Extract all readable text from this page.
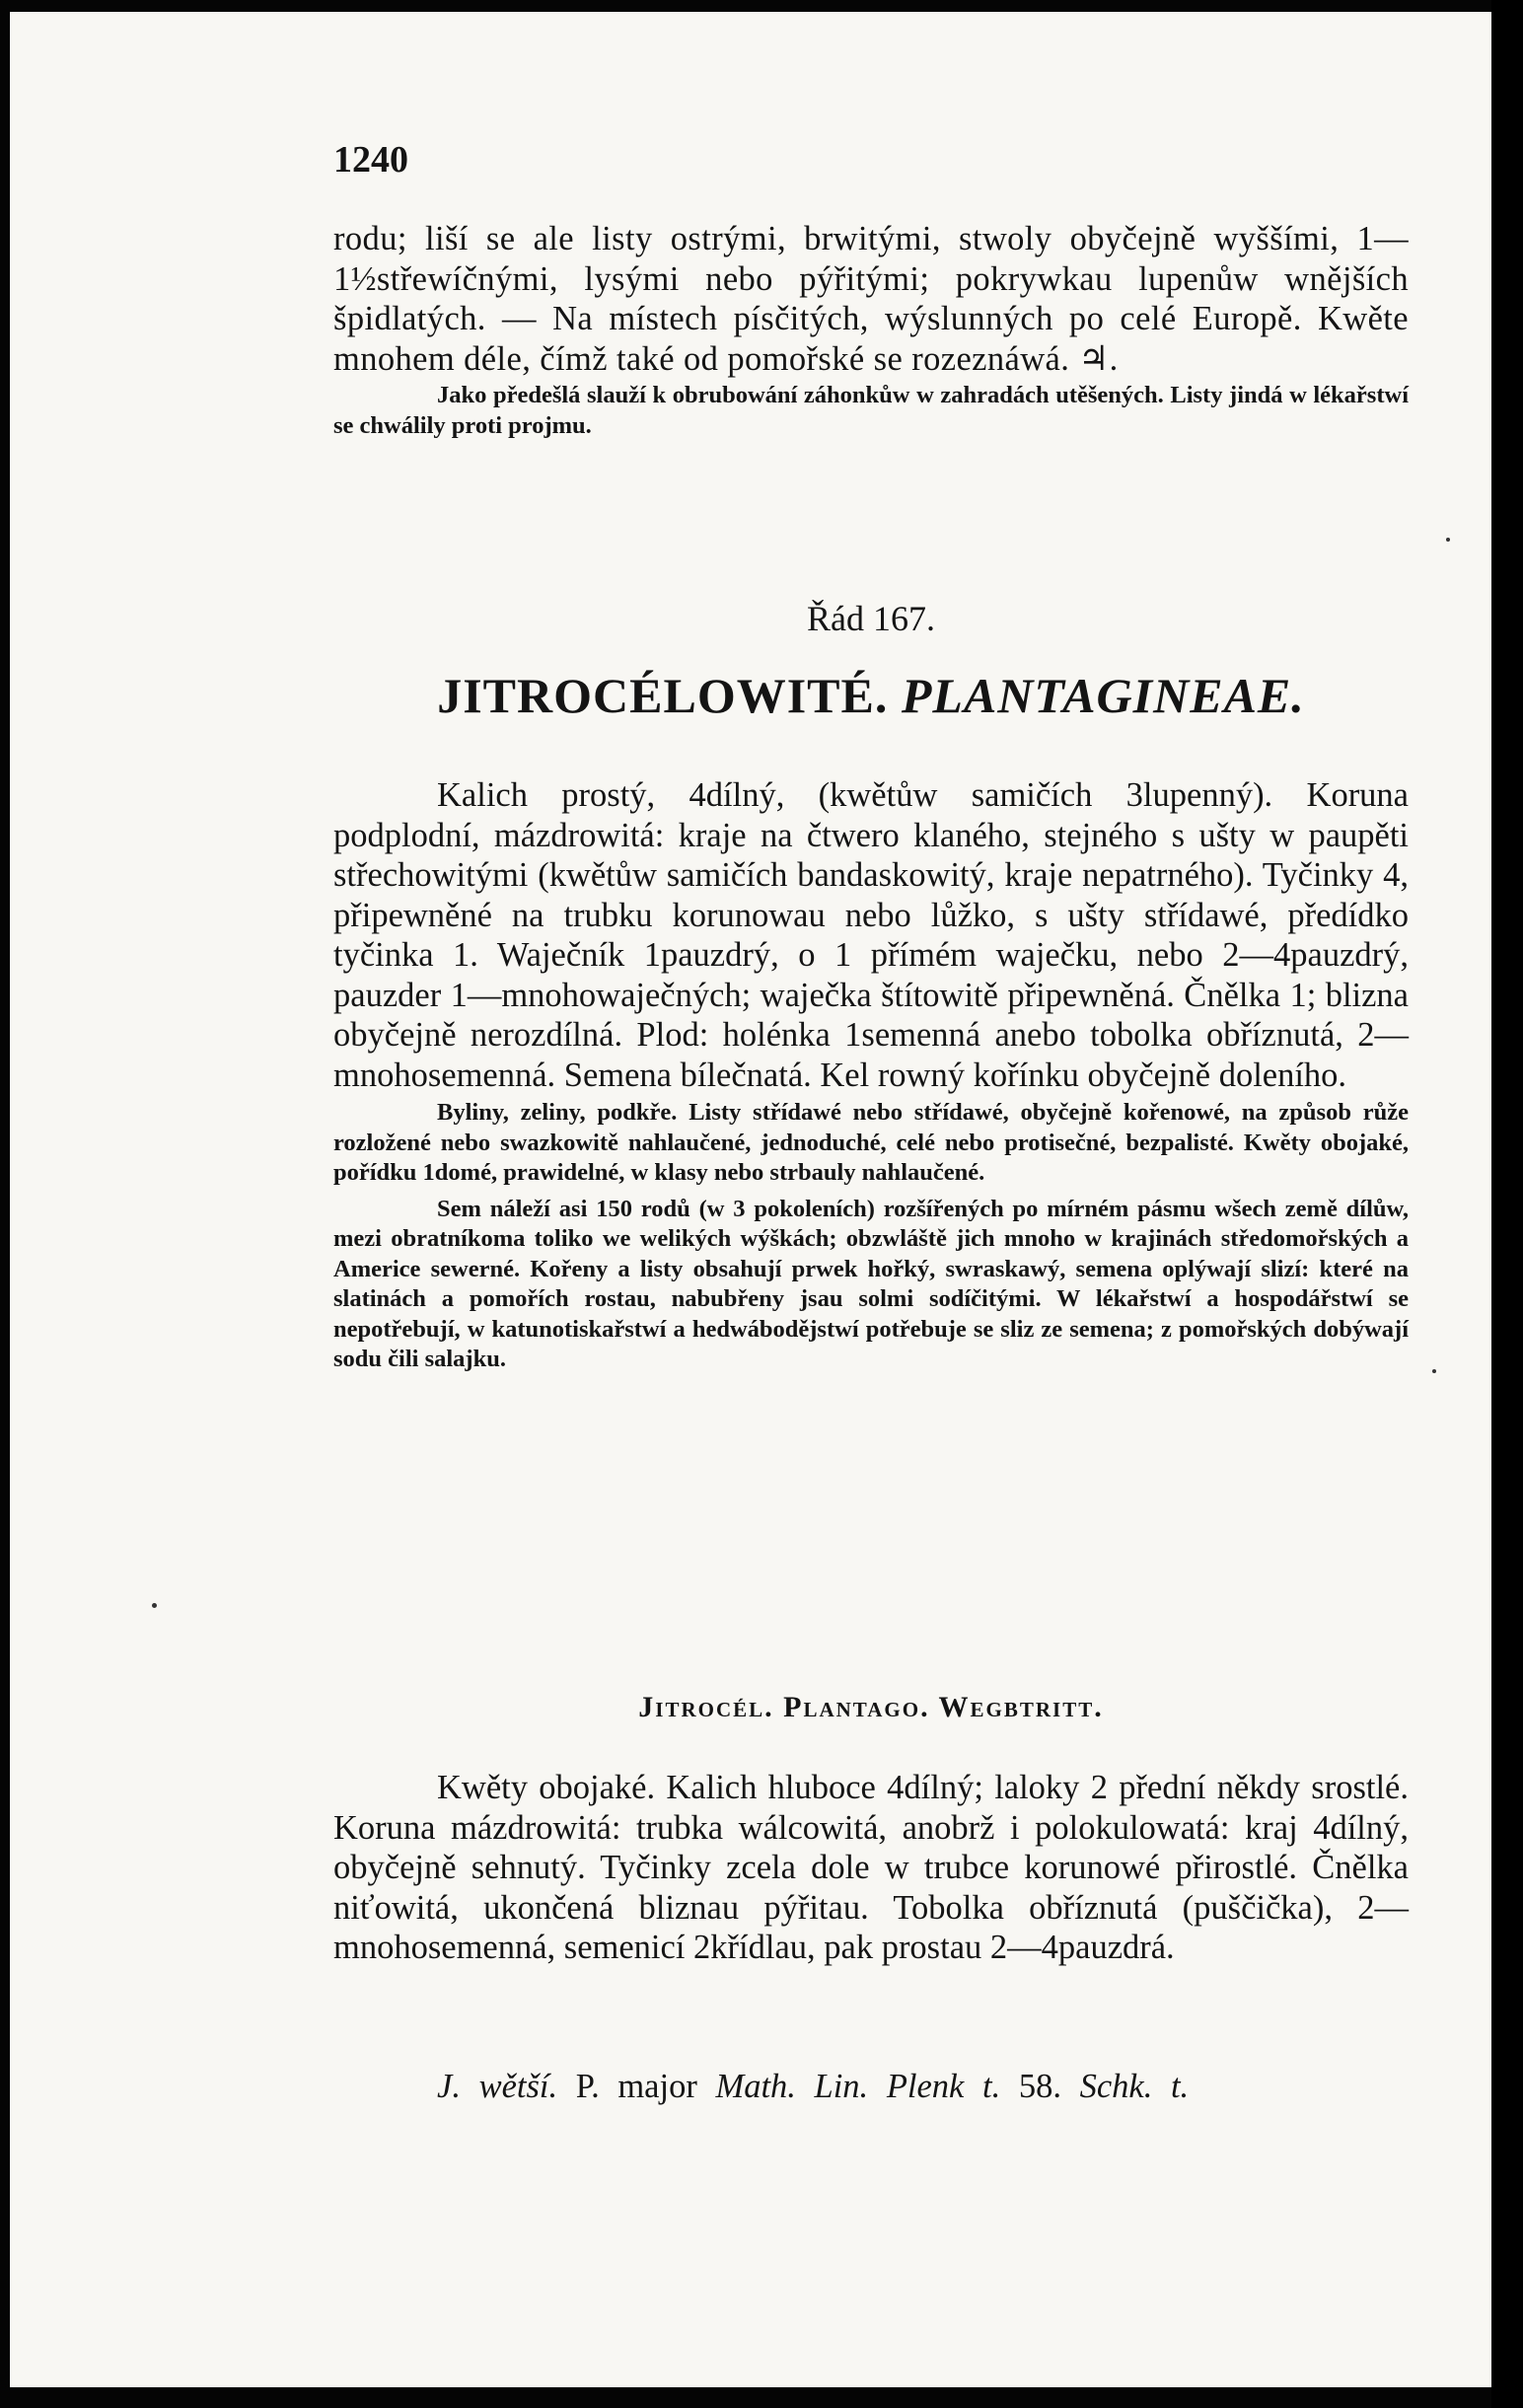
1240

rodu; liší se ale listy ostrými, brwitými, stwoly obyčejně wyššími, 1—1½střewíčnými, lysými nebo pýřitými; pokrywkau lupenůw wnějších špidlatých. — Na místech písčitých, wýslunných po celé Europě. Kwěte mnohem déle, čímž také od pomořské se rozeznáwá. ♃.

Jako předešlá slauží k obrubowání záhonkůw w zahradách utěšených. Listy jindá w lékařstwí se chwálily proti projmu.

Řád 167.

JITROCÉLOWITÉ. PLANTAGINEAE.

Kalich prostý, 4dílný, (kwětůw samičích 3lupenný). Koruna podplodní, mázdrowitá: kraje na čtwero klaného, stejného s ušty w paupěti střechowitými (kwětůw samičích bandaskowitý, kraje nepatrného). Tyčinky 4, připewněné na trubku korunowau nebo lůžko, s ušty střídawé, předídko tyčinka 1. Waječník 1pauzdrý, o 1 přímém waječku, nebo 2—4pauzdrý, pauzder 1—mnohowaječných; waječka štítowitě připewněná. Čnělka 1; blizna obyčejně nerozdílná. Plod: holénka 1semenná anebo tobolka obříznutá, 2—mnohosemenná. Semena bílečnatá. Kel rowný kořínku obyčejně doleního.

Byliny, zeliny, podkře. Listy střídawé nebo střídawé, obyčejně kořenowé, na způsob růže rozložené nebo swazkowitě nahlaučené, jednoduché, celé nebo protisečné, bezpalisté. Kwěty obojaké, pořídku 1domé, prawidelné, w klasy nebo strbauly nahlaučené.

Sem náleží asi 150 rodů (w 3 pokoleních) rozšířených po mírném pásmu wšech země dílůw, mezi obratníkoma toliko we welikých wýškách; obzwláště jich mnoho w krajinách středomořských a Americe sewerné. Kořeny a listy obsahují prwek hořký, swraskawý, semena oplýwají slizí: které na slatinách a pomořích rostau, nabubřeny jsau solmi sodíčitými. W lékařstwí a hospodářstwí se nepotřebují, w katunotiskařstwí a hedwábodějstwí potřebuje se sliz ze semena; z pomořských dobýwají sodu čili salajku.

Jitrocél. Plantago. Wegbtritt.

Kwěty obojaké. Kalich hluboce 4dílný; laloky 2 přední někdy srostlé. Koruna mázdrowitá: trubka wálcowitá, anobrž i polokulowatá: kraj 4dílný, obyčejně sehnutý. Tyčinky zcela dole w trubce korunowé přirostlé. Čnělka niťowitá, ukončená bliznau pýřitau. Tobolka obříznutá (puščička), 2—mnohosemenná, semenicí 2křídlau, pak prostau 2—4pauzdrá.

J. wětší. P. major Math. Lin. Plenk t. 58. Schk. t.
